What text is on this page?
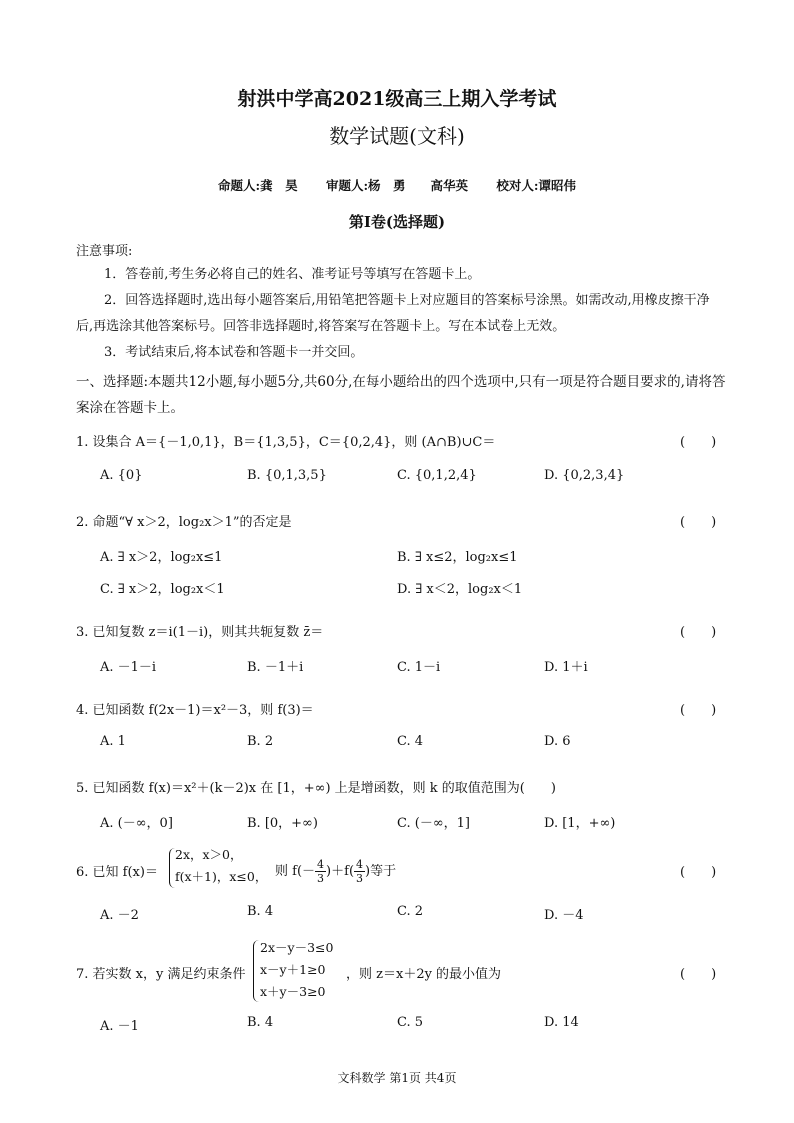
射洪中学高2021级高三上期入学考试
数学试题(文科)
命题人:龚　昊 审题人:杨　勇　　高华英 校对人:谭昭伟
第Ⅰ卷(选择题)
注意事项:
1．答卷前,考生务必将自己的姓名、准考证号等填写在答题卡上。
2．回答选择题时,选出每小题答案后,用铅笔把答题卡上对应题目的答案标号涂黑。如需改动,用橡皮擦干净后,再选涂其他答案标号。回答非选择题时,将答案写在答题卡上。写在本试卷上无效。
3．考试结束后,将本试卷和答题卡一并交回。
一、选择题:本题共12小题,每小题5分,共60分,在每小题给出的四个选项中,只有一项是符合题目要求的,请将答案涂在答题卡上。
1. 设集合 A＝{－1,0,1}，B＝{1,3,5}，C＝{0,2,4}，则 (A∩B)∪C＝	(　　)
A. {0}	B. {0,1,3,5}	C. {0,1,2,4}	D. {0,2,3,4}
2. 命题“∀ x＞2，log₂x＞1”的否定是	(　　)
A. ∃ x＞2，log₂x≤1	B. ∃ x≤2，log₂x≤1
C. ∃ x＞2，log₂x＜1	D. ∃ x＜2，log₂x＜1
3. 已知复数 z＝i(1－i)，则其共轭复数 z̄＝	(　　)
A. －1－i	B. －1＋i	C. 1－i	D. 1＋i
4. 已知函数 f(2x－1)＝x²－3，则 f(3)＝	(　　)
A. 1	B. 2	C. 4	D. 6
5. 已知函数 f(x)＝x²＋(k－2)x 在 [1，+∞) 上是增函数，则 k 的取值范围为(　　)
A. (－∞，0]	B. [0，+∞)	C. (－∞，1]	D. [1，+∞)
6. 已知 f(x)＝
2x，x＞0，
f(x＋1)，x≤0， 则 $f(- \frac{4}{3} )+f( \frac{4}{3}$ )等于	(　　)
A. －2	B. 4	C. 2	D. －4
7. 若实数 x，y 满足约束条件
2x－y－3≤0
x－y＋1≥0
x＋y－3≥0
，则 z＝x＋2y 的最小值为	(　　)
A. －1	B. 4	C. 5	D. 14
文科数学 第1页 共4页
